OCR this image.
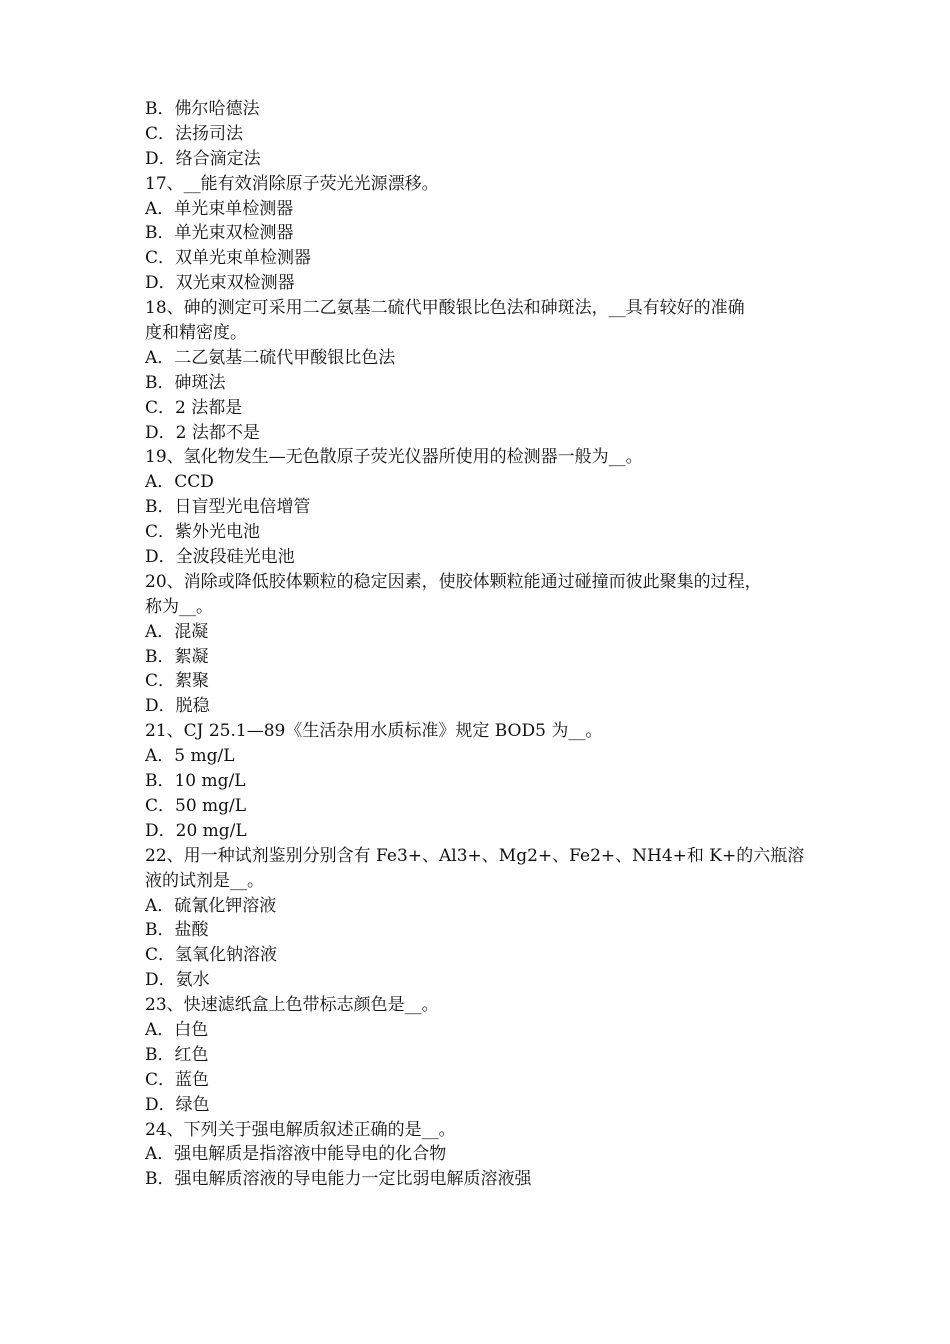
B．佛尔哈德法
C．法扬司法
D．络合滴定法
17、__能有效消除原子荧光光源漂移。
A．单光束单检测器
B．单光束双检测器
C．双单光束单检测器
D．双光束双检测器
18、砷的测定可采用二乙氨基二硫代甲酸银比色法和砷斑法，__具有较好的准确
度和精密度。
A．二乙氨基二硫代甲酸银比色法
B．砷斑法
C．2 法都是
D．2 法都不是
19、氢化物发生—无色散原子荧光仪器所使用的检测器一般为__。
A．CCD
B．日盲型光电倍增管
C．紫外光电池
D．全波段硅光电池
20、消除或降低胶体颗粒的稳定因素，使胶体颗粒能通过碰撞而彼此聚集的过程，
称为__。
A．混凝
B．絮凝
C．絮聚
D．脱稳
21、CJ 25.1—89《生活杂用水质标准》规定 BOD5 为__。
A．5 mg/L
B．10 mg/L
C．50 mg/L
D．20 mg/L
22、用一种试剂鉴别分别含有 Fe3+、Al3+、Mg2+、Fe2+、NH4+和 K+的六瓶溶
液的试剂是__。
A．硫氰化钾溶液
B．盐酸
C．氢氧化钠溶液
D．氨水
23、快速滤纸盒上色带标志颜色是__。
A．白色
B．红色
C．蓝色
D．绿色
24、下列关于强电解质叙述正确的是__。
A．强电解质是指溶液中能导电的化合物
B．强电解质溶液的导电能力一定比弱电解质溶液强
